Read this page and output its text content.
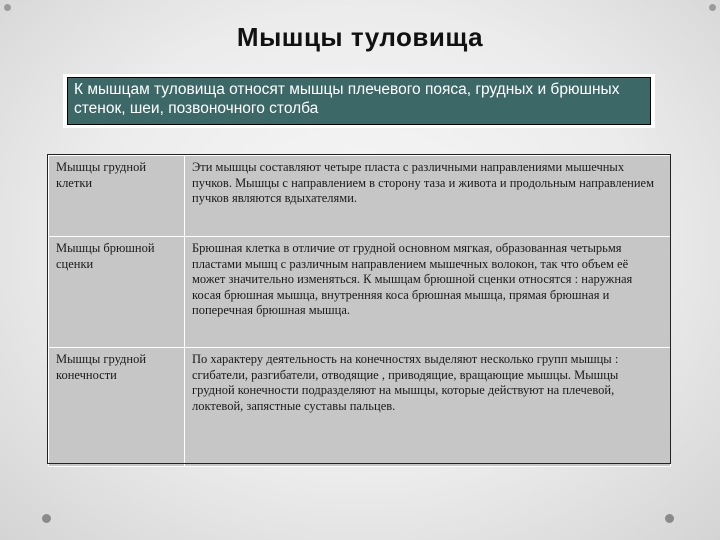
Мышцы туловища
К мышцам туловища относят мышцы плечевого пояса, грудных и брюшных стенок, шеи, позвоночного столба
Мышцы грудной клетки	Эти мышцы составляют четыре пласта с различными направлениями мышечных пучков. Мышцы с направлением в сторону таза и живота и продольным направлением пучков являются вдыхателями.
Мышцы брюшной сценки	Брюшная клетка в отличие от грудной основном мягкая, образованная четырьмя пластами мышц с различным направлением мышечных волокон, так что объем её может значительно изменяться. К мышцам брюшной сценки относятся : наружная косая брюшная мышца, внутренняя коса брюшная мышца, прямая брюшная и поперечная брюшная мышца.
Мышцы грудной конечности	По характеру деятельность на конечностях выделяют несколько групп мышцы : сгибатели, разгибатели, отводящие , приводящие, вращающие мышцы. Мышцы грудной конечности подразделяют на мышцы, которые действуют на плечевой, локтевой, запястные суставы пальцев.
